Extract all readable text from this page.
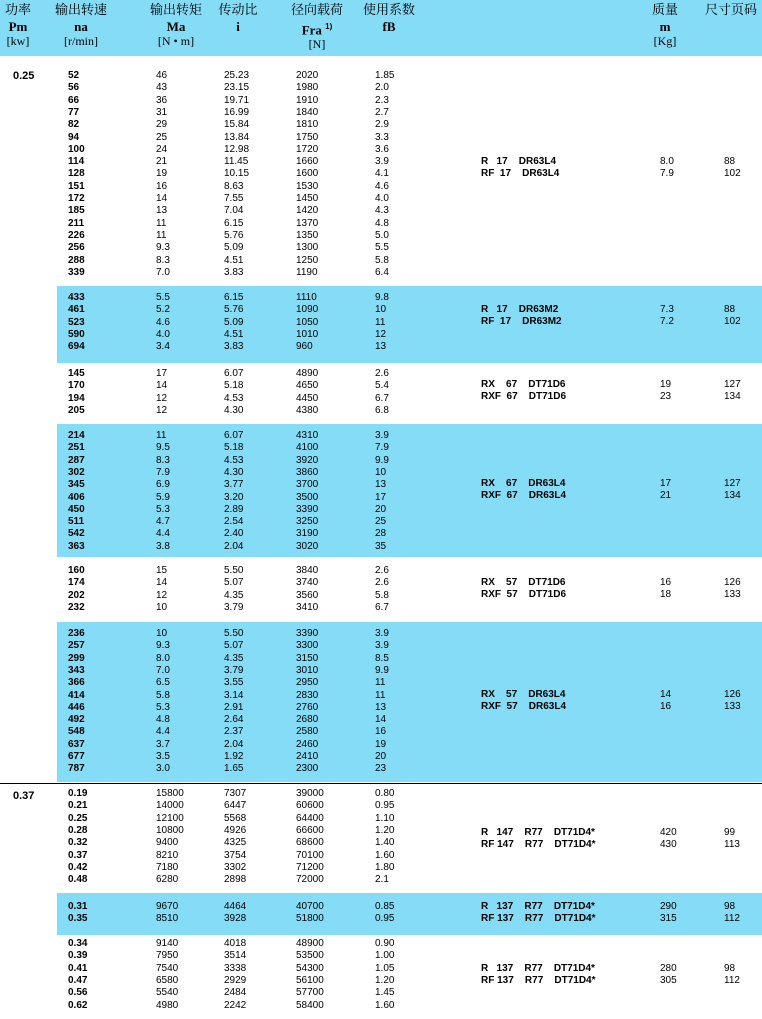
功率
Pm
[kw]
输出转速
na
[r/min]
输出转矩
Ma
[N • m]
传动比
i
径向载荷
Fra $^{1)}$
[N]
使用系数
fB
质量
m
[Kg]
尺寸页码
0.25	52	46	25.23	2020	1.85
56	43	23.15	1980	2.0
66	36	19.71	1910	2.3
77	31	16.99	1840	2.7
82	29	15.84	1810	2.9
94	25	13.84	1750	3.3
100	24	12.98	1720	3.6
114	21	11.45	1660	3.9
128	19	10.15	1600	4.1
151	16	8.63	1530	4.6
172	14	7.55	1450	4.0
185	13	7.04	1420	4.3
211	11	6.15	1370	4.8
226	11	5.76	1350	5.0
256	9.3	5.09	1300	5.5
288	8.3	4.51	1250	5.8
339	7.0	3.83	1190	6.4
R   17    DR63L4	8.0	88
RF  17    DR63L4	7.9	102
433	5.5	6.15	1110	9.8
461	5.2	5.76	1090	10
523	4.6	5.09	1050	11
590	4.0	4.51	1010	12
694	3.4	3.83	960	13
R   17    DR63M2	7.3	88
RF  17    DR63M2	7.2	102
145	17	6.07	4890	2.6
170	14	5.18	4650	5.4
194	12	4.53	4450	6.7
205	12	4.30	4380	6.8
RX    67    DT71D6	19	127
RXF  67    DT71D6	23	134
214	11	6.07	4310	3.9
251	9.5	5.18	4100	7.9
287	8.3	4.53	3920	9.9
302	7.9	4.30	3860	10
345	6.9	3.77	3700	13
406	5.9	3.20	3500	17
450	5.3	2.89	3390	20
511	4.7	2.54	3250	25
542	4.4	2.40	3190	28
363	3.8	2.04	3020	35
RX    67    DR63L4	17	127
RXF  67    DR63L4	21	134
160	15	5.50	3840	2.6
174	14	5.07	3740	2.6
202	12	4.35	3560	5.8
232	10	3.79	3410	6.7
RX    57    DT71D6	16	126
RXF  57    DT71D6	18	133
236	10	5.50	3390	3.9
257	9.3	5.07	3300	3.9
299	8.0	4.35	3150	8.5
343	7.0	3.79	3010	9.9
366	6.5	3.55	2950	11
414	5.8	3.14	2830	11
446	5.3	2.91	2760	13
492	4.8	2.64	2680	14
548	4.4	2.37	2580	16
637	3.7	2.04	2460	19
677	3.5	1.92	2410	20
787	3.0	1.65	2300	23
RX    57    DR63L4	14	126
RXF  57    DR63L4	16	133
0.37	0.19	15800	7307	39000	0.80
0.21	14000	6447	60600	0.95
0.25	12100	5568	64400	1.10
0.28	10800	4926	66600	1.20
0.32	9400	4325	68600	1.40
0.37	8210	3754	70100	1.60
0.42	7180	3302	71200	1.80
0.48	6280	2898	72000	2.1
R   147    R77    DT71D4*	420	99
RF 147    R77    DT71D4*	430	113
0.31	9670	4464	40700	0.85
0.35	8510	3928	51800	0.95
R   137    R77    DT71D4*	290	98
RF 137    R77    DT71D4*	315	112
0.34	9140	4018	48900	0.90
0.39	7950	3514	53500	1.00
0.41	7540	3338	54300	1.05
0.47	6580	2929	56100	1.20
0.56	5540	2484	57700	1.45
0.62	4980	2242	58400	1.60
R   137    R77    DT71D4*	280	98
RF 137    R77    DT71D4*	305	112
